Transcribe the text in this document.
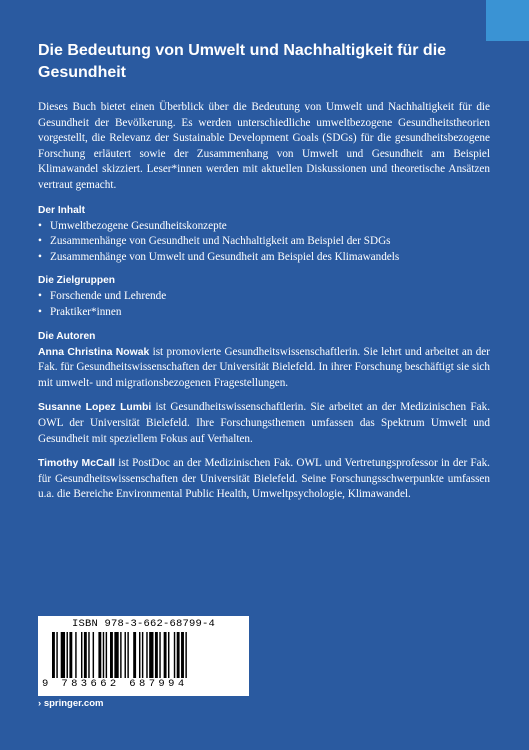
Die Bedeutung von Umwelt und Nachhaltigkeit für die Gesundheit

Dieses Buch bietet einen Überblick über die Bedeutung von Umwelt und Nachhaltigkeit für die Gesundheit der Bevölkerung. Es werden unterschiedliche umweltbezogene Gesundheitstheorien vorgestellt, die Relevanz der Sustainable Development Goals (SDGs) für die gesundheitsbezogene Forschung erläutert sowie der Zusammenhang von Umwelt und Gesundheit am Beispiel Klimawandel skizziert. Leser*innen werden mit aktuellen Diskussionen und theoretische Ansätzen vertraut gemacht.

Der Inhalt
• Umweltbezogene Gesundheitskonzepte
• Zusammenhänge von Gesundheit und Nachhaltigkeit am Beispiel der SDGs
• Zusammenhänge von Umwelt und Gesundheit am Beispiel des Klimawandels
Die Zielgruppen
• Forschende und Lehrende
• Praktiker*innen
Die Autoren

Anna Christina Nowak ist promovierte Gesundheitswissenschaftlerin. Sie lehrt und arbeitet an der Fak. für Gesundheitswissenschaften der Universität Bielefeld. In ihrer Forschung beschäftigt sie sich mit umwelt- und migrationsbezogenen Fragestellungen.

Susanne Lopez Lumbi ist Gesundheitswissenschaftlerin. Sie arbeitet an der Medizinischen Fak. OWL der Universität Bielefeld. Ihre Forschungsthemen umfassen das Spektrum Umwelt und Gesundheit mit speziellem Fokus auf Verhalten.

Timothy McCall ist PostDoc an der Medizinischen Fak. OWL und Vertretungsprofessor in der Fak. für Gesundheitswissenschaften der Universität Bielefeld. Seine Forschungsschwerpunkte umfassen u.a. die Bereiche Environmental Public Health, Umweltpsychologie, Klimawandel.

ISBN 978-3-662-68799-4
9 783662 687994
› springer.com
